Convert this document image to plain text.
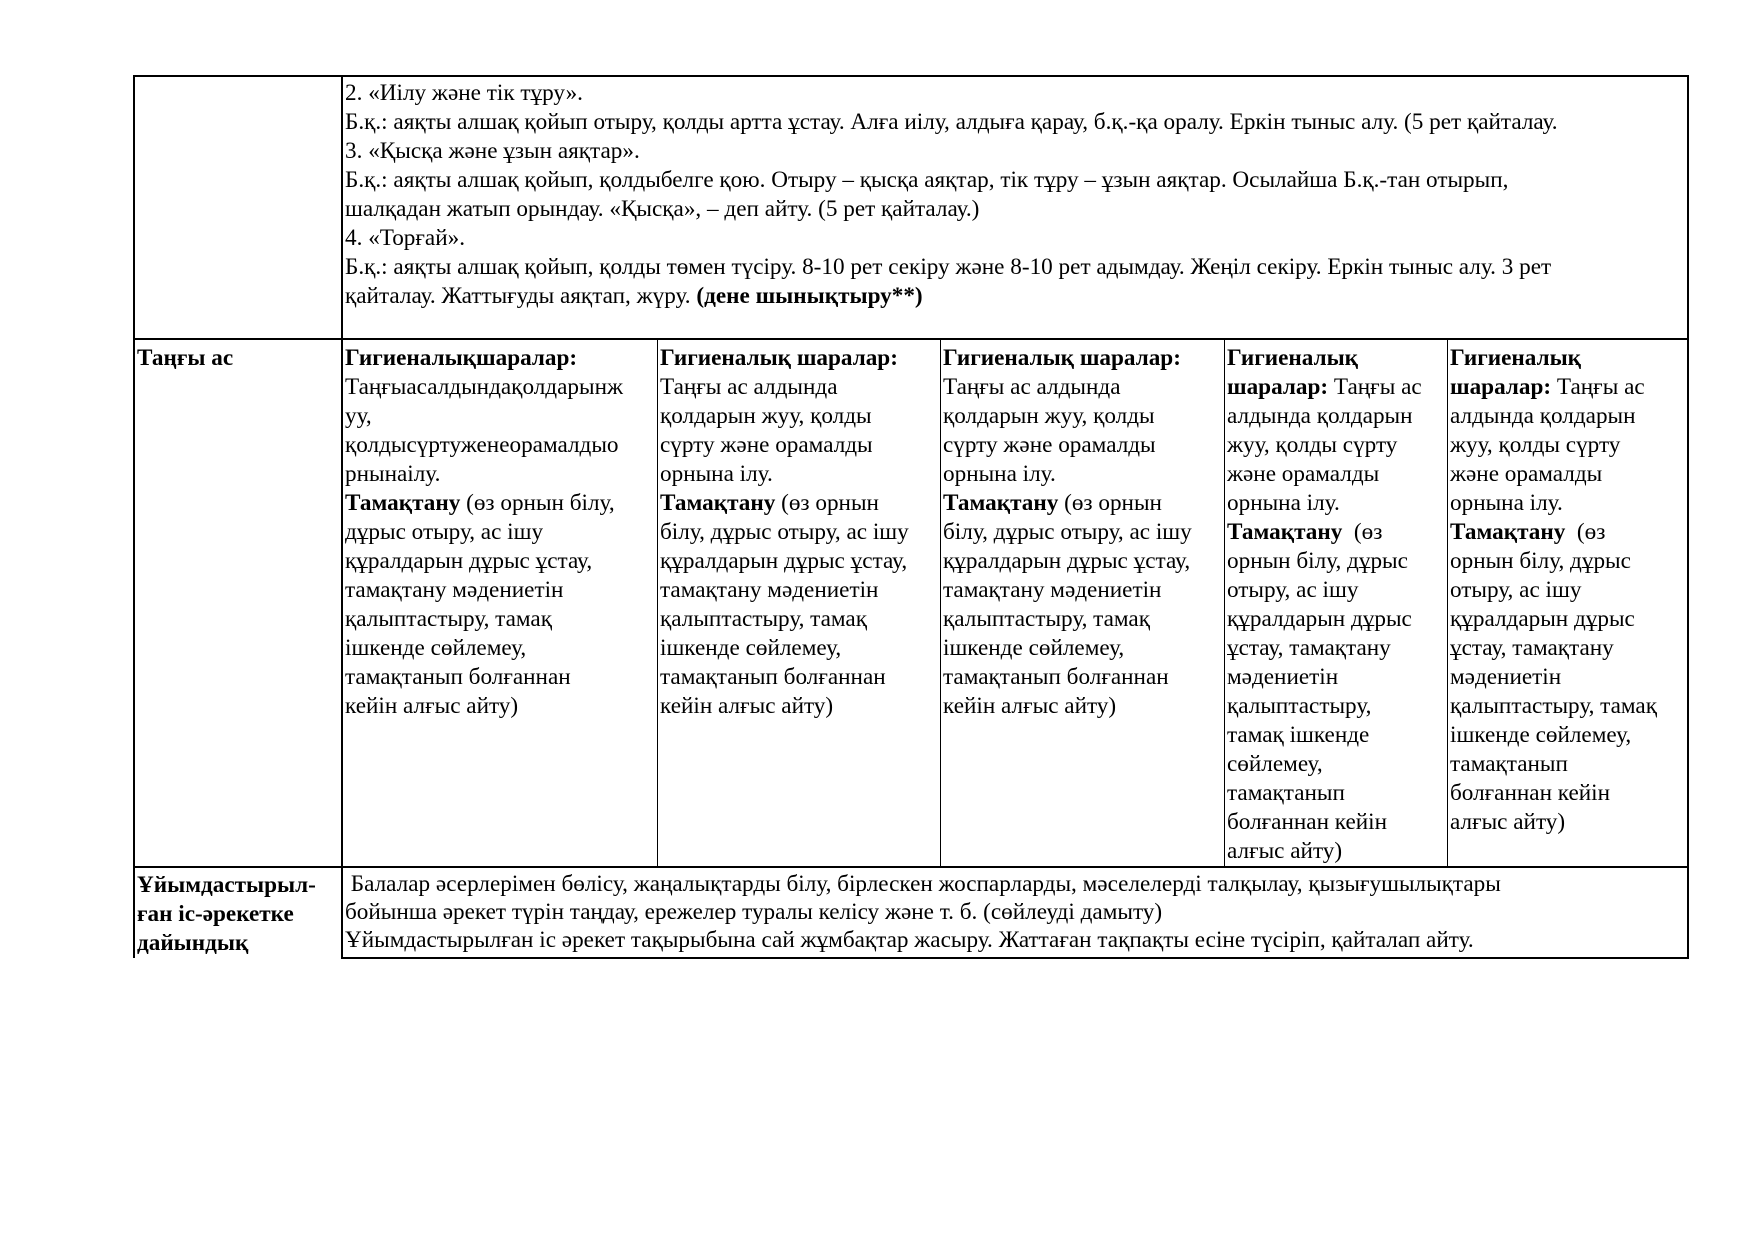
2. «Иілу және тік тұру».
Б.қ.: аяқты алшақ қойып отыру, қолды артта ұстау. Алға иілу, алдыға қарау, б.қ.-қа оралу. Еркін тыныс алу. (5 рет қайталау.
3. «Қысқа және ұзын аяқтар».
Б.қ.: аяқты алшақ қойып, қолдыбелге қою. Отыру – қысқа аяқтар, тік тұру – ұзын аяқтар. Осылайша Б.қ.-тан отырып,
шалқадан жатып орындау. «Қысқа», – деп айту. (5 рет қайталау.)
4. «Торғай».
Б.қ.: аяқты алшақ қойып, қолды төмен түсіру. 8-10 рет секіру және 8-10 рет адымдау. Жеңіл секіру. Еркін тыныс алу. 3 рет
қайталау. Жаттығуды аяқтап, жүру. (дене шынықтыру**)
Таңғы ас	Гигиеналықшаралар:
Таңғыасалдындақолдарынж
уу,
қолдысүртуженеорамалдыо
рнынаілу.
Тамақтану (өз орнын білу,
дұрыс отыру, ас ішу
құралдарын дұрыс ұстау,
тамақтану мәдениетін
қалыптастыру, тамақ
ішкенде сөйлемеу,
тамақтанып болғаннан
кейін алғыс айту)
Гигиеналық шаралар:
Таңғы ас алдында
қолдарын жуу, қолды
сүрту және орамалды
орнына ілу.
Тамақтану (өз орнын
білу, дұрыс отыру, ас ішу
құралдарын дұрыс ұстау,
тамақтану мәдениетін
қалыптастыру, тамақ
ішкенде сөйлемеу,
тамақтанып болғаннан
кейін алғыс айту)
Гигиеналық шаралар:
Таңғы ас алдында
қолдарын жуу, қолды
сүрту және орамалды
орнына ілу.
Тамақтану (өз орнын
білу, дұрыс отыру, ас ішу
құралдарын дұрыс ұстау,
тамақтану мәдениетін
қалыптастыру, тамақ
ішкенде сөйлемеу,
тамақтанып болғаннан
кейін алғыс айту)
Гигиеналық
шаралар: Таңғы ас
алдында қолдарын
жуу, қолды сүрту
және орамалды
орнына ілу.
Тамақтану  (өз
орнын білу, дұрыс
отыру, ас ішу
құралдарын дұрыс
ұстау, тамақтану
мәдениетін
қалыптастыру,
тамақ ішкенде
сөйлемеу,
тамақтанып
болғаннан кейін
алғыс айту)
Гигиеналық
шаралар: Таңғы ас
алдында қолдарын
жуу, қолды сүрту
және орамалды
орнына ілу.
Тамақтану  (өз
орнын білу, дұрыс
отыру, ас ішу
құралдарын дұрыс
ұстау, тамақтану
мәдениетін
қалыптастыру, тамақ
ішкенде сөйлемеу,
тамақтанып
болғаннан кейін
алғыс айту)
Ұйымдастырыл-
ған іс-әрекетке
дайындық
Балалар әсерлерімен бөлісу, жаңалықтарды білу, бірлескен жоспарларды, мәселелерді талқылау, қызығушылықтары
бойынша әрекет түрін таңдау, ережелер туралы келісу және т. б. (сөйлеуді дамыту)
Ұйымдастырылған іс әрекет тақырыбына сай жұмбақтар жасыру. Жаттаған тақпақты есіне түсіріп, қайталап айту.
